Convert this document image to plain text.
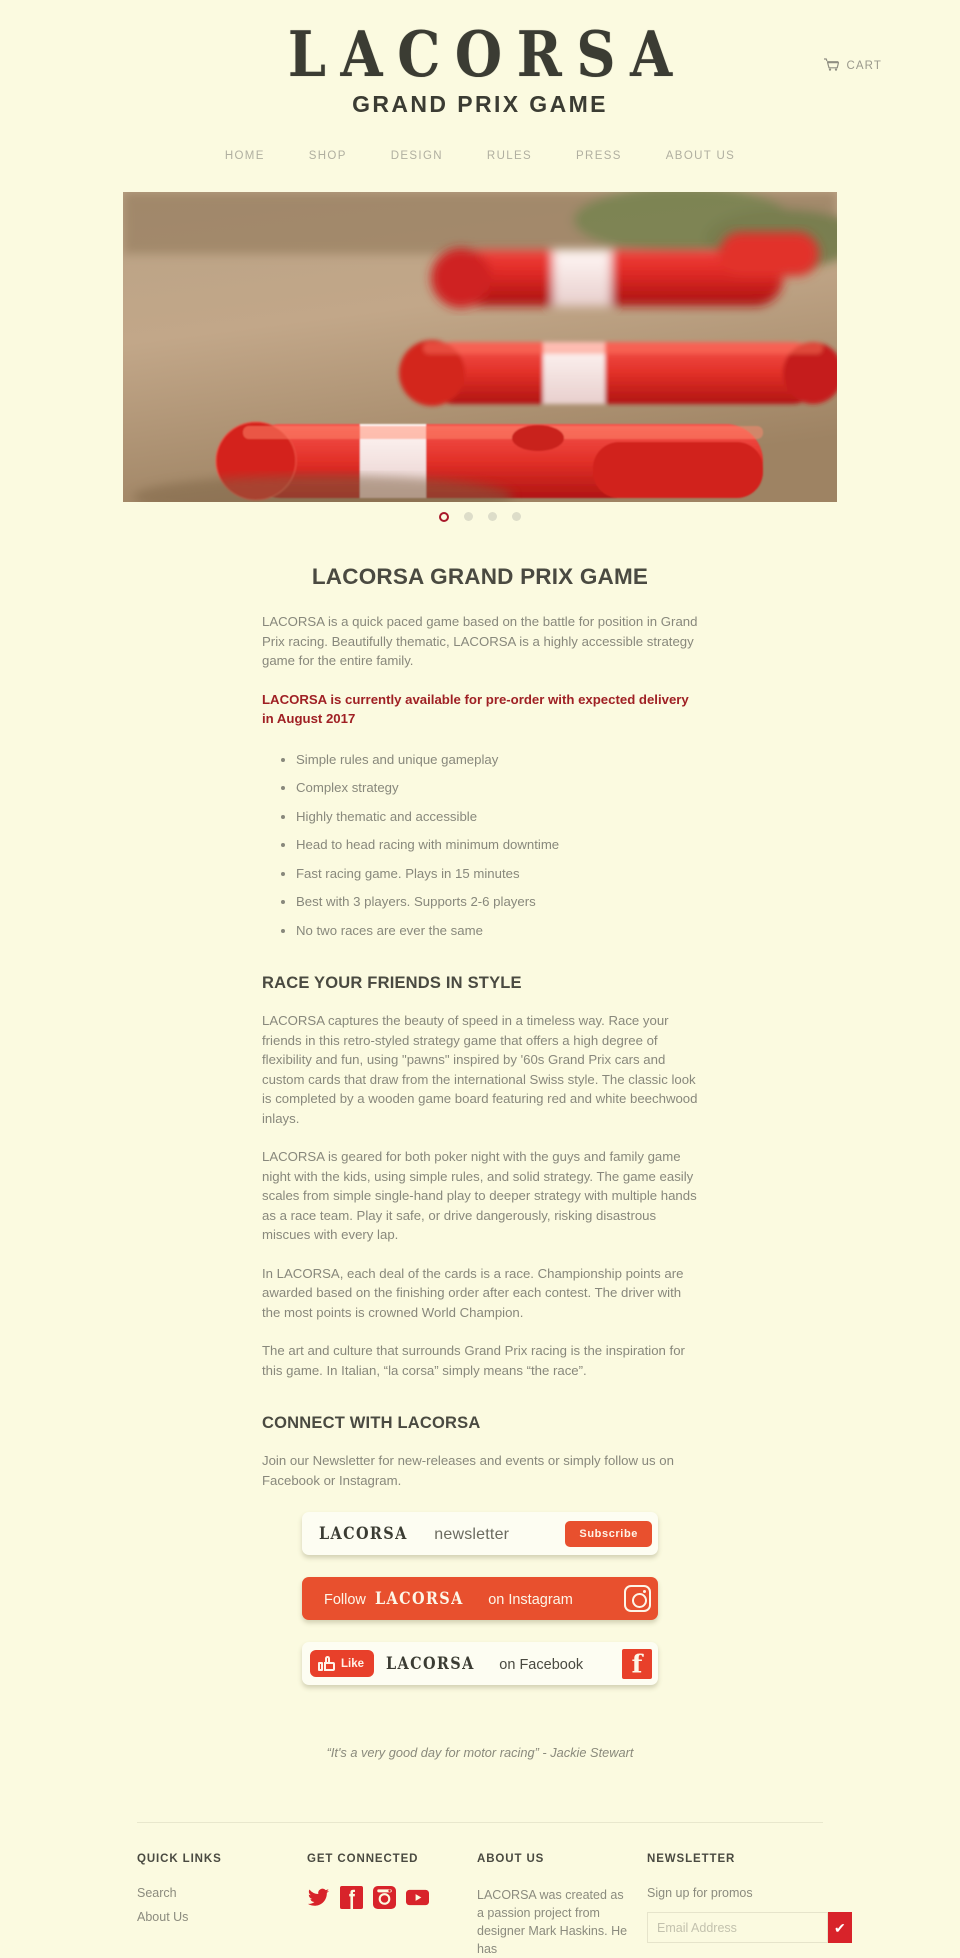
LACORSA
GRAND PRIX GAME
CART
HOME	SHOP	DESIGN	RULES	PRESS	ABOUT US
LACORSA GRAND PRIX GAME

LACORSA is a quick paced game based on the battle for position in Grand Prix racing. Beautifully thematic, LACORSA is a highly accessible strategy game for the entire family.

LACORSA is currently available for pre-order with expected delivery in August 2017

• Simple rules and unique gameplay
• Complex strategy
• Highly thematic and accessible
• Head to head racing with minimum downtime
• Fast racing game. Plays in 15 minutes
• Best with 3 players. Supports 2-6 players
• No two races are ever the same
RACE YOUR FRIENDS IN STYLE

LACORSA captures the beauty of speed in a timeless way. Race your friends in this retro-styled strategy game that offers a high degree of flexibility and fun, using "pawns" inspired by '60s Grand Prix cars and custom cards that draw from the international Swiss style. The classic look is completed by a wooden game board featuring red and white beechwood inlays.

LACORSA is geared for both poker night with the guys and family game night with the kids, using simple rules, and solid strategy. The game easily scales from simple single-hand play to deeper strategy with multiple hands as a race team. Play it safe, or drive dangerously, risking disastrous miscues with every lap.

In LACORSA, each deal of the cards is a race. Championship points are awarded based on the finishing order after each contest. The driver with the most points is crowned World Champion.

The art and culture that surrounds Grand Prix racing is the inspiration for this game. In Italian, “la corsa” simply means “the race”.

CONNECT WITH LACORSA

Join our Newsletter for new-releases and events or simply follow us on Facebook or Instagram.

LACORSA newsletter	Subscribe
Follow LACORSA on Instagram
Like LACORSA on Facebook
f

“It's a very good day for motor racing” - Jackie Stewart

QUICK LINKS
Search
About Us
GET CONNECTED	ABOUT US

LACORSA was created as a passion project from designer Mark Haskins. He has

NEWSLETTER

Sign up for promos

Email Address
✔
